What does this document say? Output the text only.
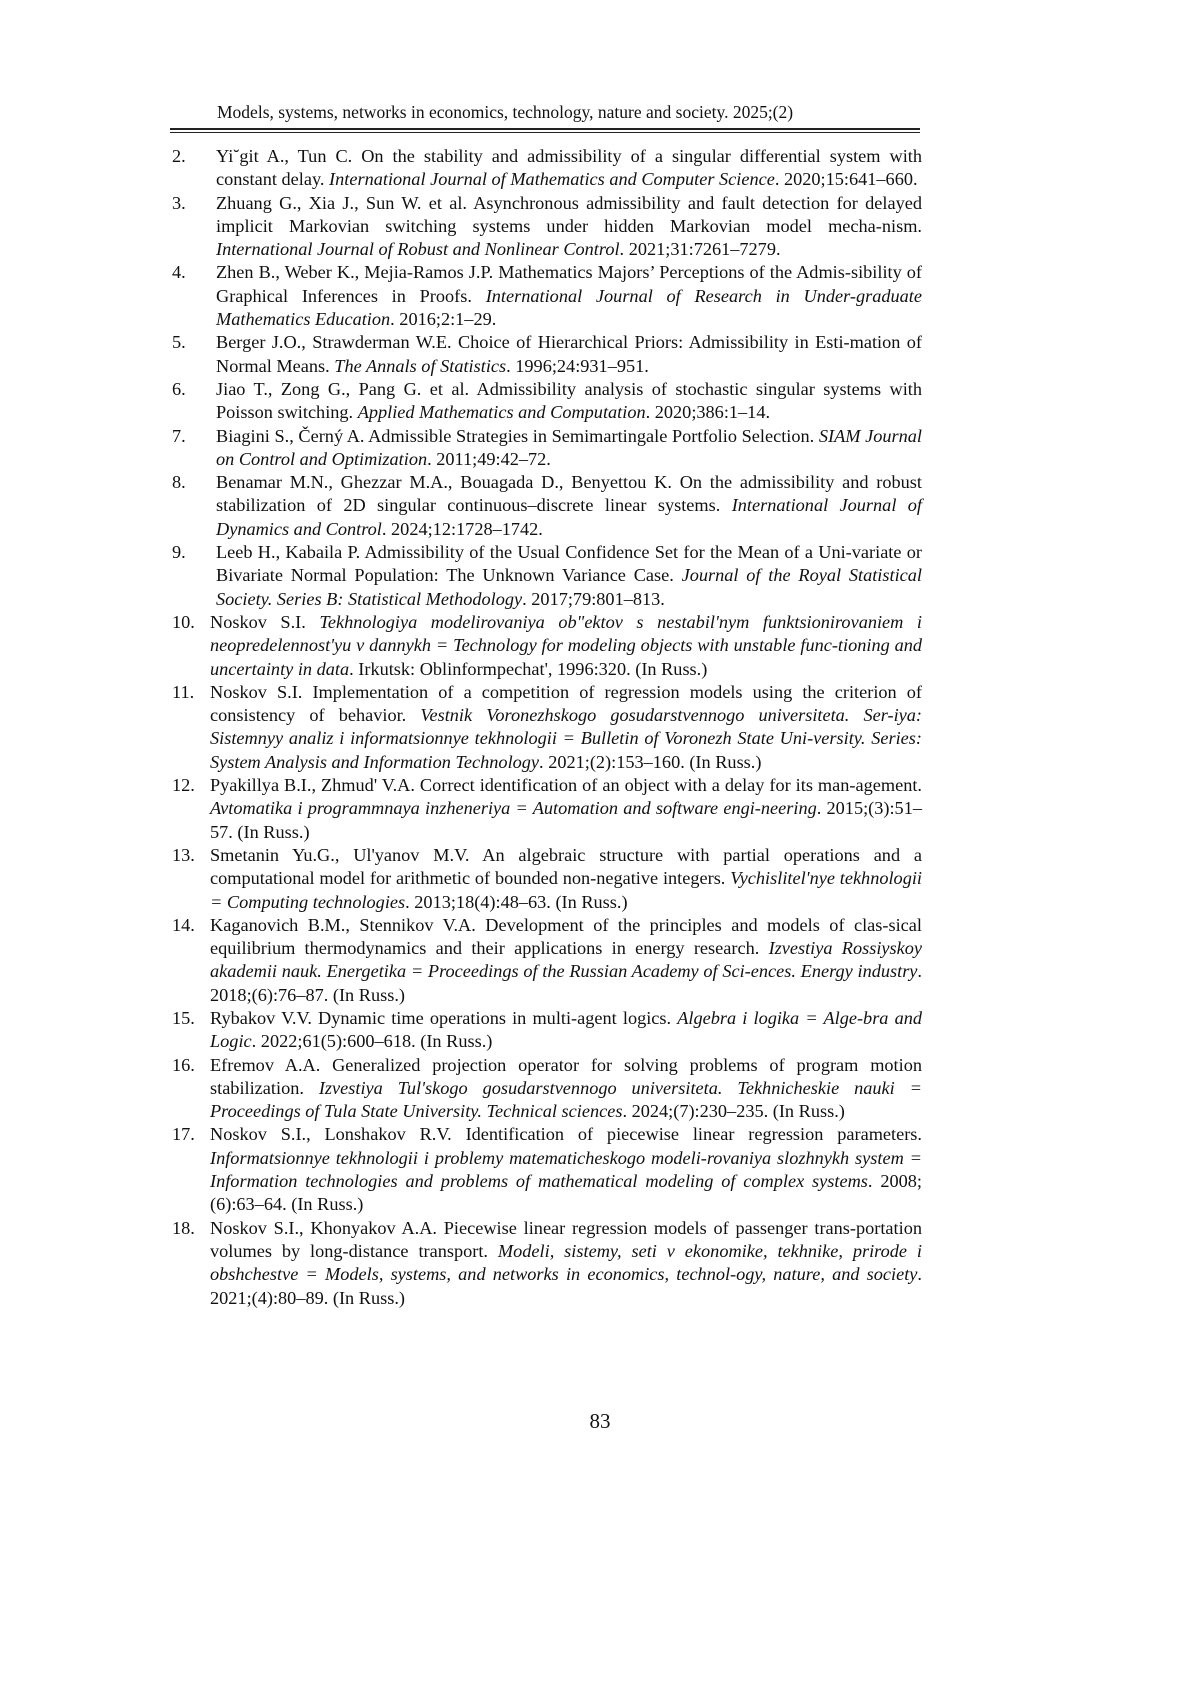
Models, systems, networks in economics, technology, nature and society. 2025;(2)
2. Yi˘git A., Tun C. On the stability and admissibility of a singular differential system with constant delay. International Journal of Mathematics and Computer Science. 2020;15:641–660.
3. Zhuang G., Xia J., Sun W. et al. Asynchronous admissibility and fault detection for delayed implicit Markovian switching systems under hidden Markovian model mecha-nism. International Journal of Robust and Nonlinear Control. 2021;31:7261–7279.
4. Zhen B., Weber K., Mejia-Ramos J.P. Mathematics Majors’ Perceptions of the Admis-sibility of Graphical Inferences in Proofs. International Journal of Research in Under-graduate Mathematics Education. 2016;2:1–29.
5. Berger J.O., Strawderman W.E. Choice of Hierarchical Priors: Admissibility in Esti-mation of Normal Means. The Annals of Statistics. 1996;24:931–951.
6. Jiao T., Zong G., Pang G. et al. Admissibility analysis of stochastic singular systems with Poisson switching. Applied Mathematics and Computation. 2020;386:1–14.
7. Biagini S., Černý A. Admissible Strategies in Semimartingale Portfolio Selection. SIAM Journal on Control and Optimization. 2011;49:42–72.
8. Benamar M.N., Ghezzar M.A., Bouagada D., Benyettou K. On the admissibility and robust stabilization of 2D singular continuous–discrete linear systems. International Journal of Dynamics and Control. 2024;12:1728–1742.
9. Leeb H., Kabaila P. Admissibility of the Usual Confidence Set for the Mean of a Uni-variate or Bivariate Normal Population: The Unknown Variance Case. Journal of the Royal Statistical Society. Series B: Statistical Methodology. 2017;79:801–813.
10. Noskov S.I. Tekhnologiya modelirovaniya ob"ektov s nestabil'nym funktsionirovaniem i neopredelennost'yu v dannykh = Technology for modeling objects with unstable func-tioning and uncertainty in data. Irkutsk: Oblinformpechat', 1996:320. (In Russ.)
11. Noskov S.I. Implementation of a competition of regression models using the criterion of consistency of behavior. Vestnik Voronezhskogo gosudarstvennogo universiteta. Ser-iya: Sistemnyy analiz i informatsionnye tekhnologii = Bulletin of Voronezh State Uni-versity. Series: System Analysis and Information Technology. 2021;(2):153–160. (In Russ.)
12. Pyakillya B.I., Zhmud' V.A. Correct identification of an object with a delay for its man-agement. Avtomatika i programmnaya inzheneriya = Automation and software engi-neering. 2015;(3):51–57. (In Russ.)
13. Smetanin Yu.G., Ul'yanov M.V. An algebraic structure with partial operations and a computational model for arithmetic of bounded non-negative integers. Vychislitel'nye tekhnologii = Computing technologies. 2013;18(4):48–63. (In Russ.)
14. Kaganovich B.M., Stennikov V.A. Development of the principles and models of clas-sical equilibrium thermodynamics and their applications in energy research. Izvestiya Rossiyskoy akademii nauk. Energetika = Proceedings of the Russian Academy of Sci-ences. Energy industry. 2018;(6):76–87. (In Russ.)
15. Rybakov V.V. Dynamic time operations in multi-agent logics. Algebra i logika = Alge-bra and Logic. 2022;61(5):600–618. (In Russ.)
16. Efremov A.A. Generalized projection operator for solving problems of program motion stabilization. Izvestiya Tul'skogo gosudarstvennogo universiteta. Tekhnicheskie nauki = Proceedings of Tula State University. Technical sciences. 2024;(7):230–235. (In Russ.)
17. Noskov S.I., Lonshakov R.V. Identification of piecewise linear regression parameters. Informatsionnye tekhnologii i problemy matematicheskogo modeli-rovaniya slozhnykh system = Information technologies and problems of mathematical modeling of complex systems. 2008;(6):63–64. (In Russ.)
18. Noskov S.I., Khonyakov A.A. Piecewise linear regression models of passenger trans-portation volumes by long-distance transport. Modeli, sistemy, seti v ekonomike, tekhnike, prirode i obshchestve = Models, systems, and networks in economics, technol-ogy, nature, and society. 2021;(4):80–89. (In Russ.)
83
